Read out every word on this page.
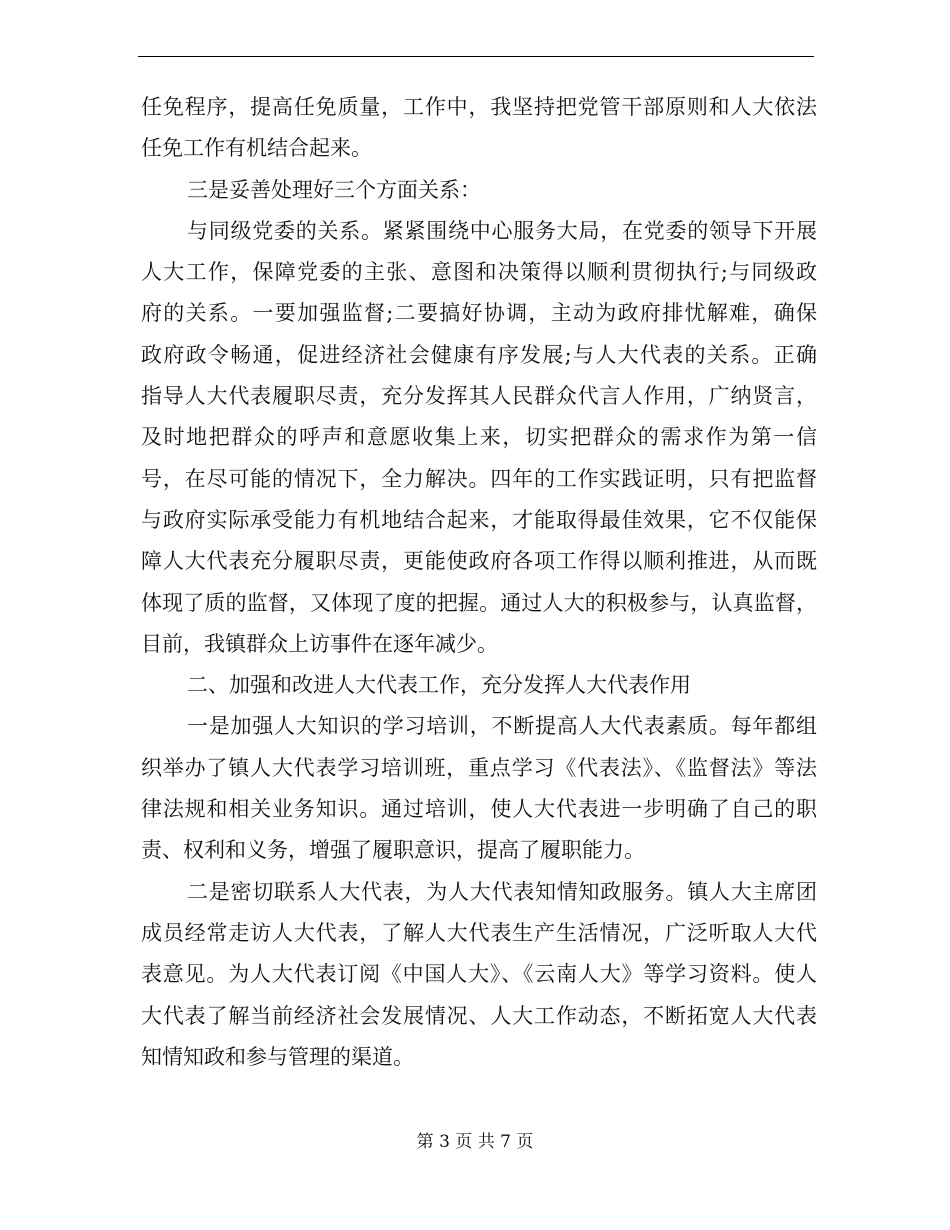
任免程序，提高任免质量，工作中，我坚持把党管干部原则和人大依法
任免工作有机结合起来。
三是妥善处理好三个方面关系：
与同级党委的关系。紧紧围绕中心服务大局，在党委的领导下开展
人大工作，保障党委的主张、意图和决策得以顺利贯彻执行;与同级政
府的关系。一要加强监督;二要搞好协调，主动为政府排忧解难，确保
政府政令畅通，促进经济社会健康有序发展;与人大代表的关系。正确
指导人大代表履职尽责，充分发挥其人民群众代言人作用，广纳贤言，
及时地把群众的呼声和意愿收集上来，切实把群众的需求作为第一信
号，在尽可能的情况下，全力解决。四年的工作实践证明，只有把监督
与政府实际承受能力有机地结合起来，才能取得最佳效果，它不仅能保
障人大代表充分履职尽责，更能使政府各项工作得以顺利推进，从而既
体现了质的监督，又体现了度的把握。通过人大的积极参与，认真监督，
目前，我镇群众上访事件在逐年减少。
二、加强和改进人大代表工作，充分发挥人大代表作用
一是加强人大知识的学习培训，不断提高人大代表素质。每年都组
织举办了镇人大代表学习培训班，重点学习《代表法》、《监督法》等法
律法规和相关业务知识。通过培训，使人大代表进一步明确了自己的职
责、权利和义务，增强了履职意识，提高了履职能力。
二是密切联系人大代表，为人大代表知情知政服务。镇人大主席团
成员经常走访人大代表，了解人大代表生产生活情况，广泛听取人大代
表意见。为人大代表订阅《中国人大》、《云南人大》等学习资料。使人
大代表了解当前经济社会发展情况、人大工作动态，不断拓宽人大代表
知情知政和参与管理的渠道。
第 3 页 共 7 页
